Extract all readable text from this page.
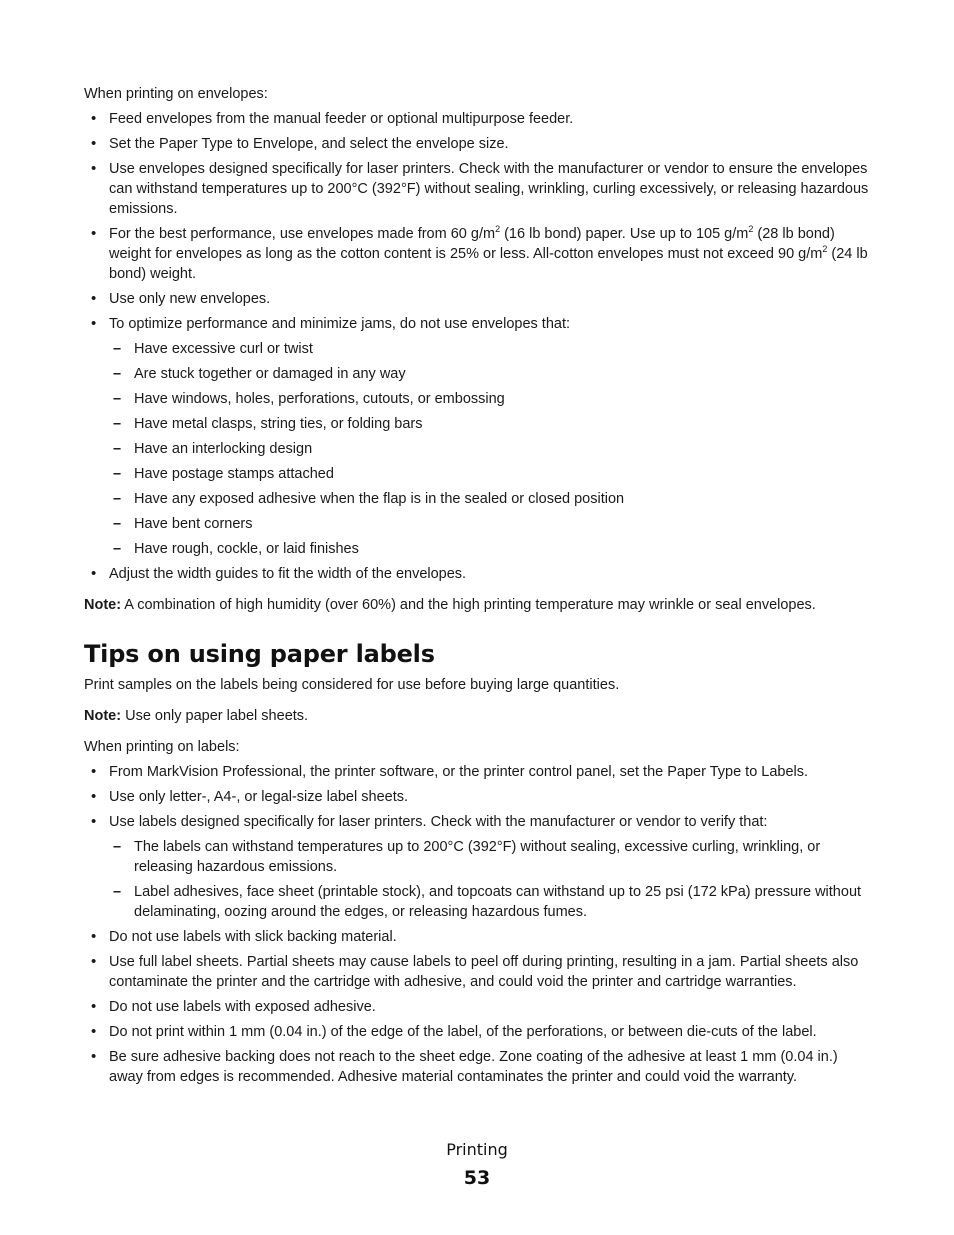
When printing on envelopes:

• Feed envelopes from the manual feeder or optional multipurpose feeder.
• Set the Paper Type to Envelope, and select the envelope size.
• Use envelopes designed specifically for laser printers. Check with the manufacturer or vendor to ensure the envelopes can withstand temperatures up to 200°C (392°F) without sealing, wrinkling, curling excessively, or releasing hazardous emissions.
• For the best performance, use envelopes made from 60 $g/m^2$ (16 lb bond) paper. Use up to 105 $g/m^2$ (28 lb bond) weight for envelopes as long as the cotton content is 25% or less. All-cotton envelopes must not exceed 90 $g/m^2$ (24 lb bond) weight.
• Use only new envelopes.
• To optimize performance and minimize jams, do not use envelopes that:
– Have excessive curl or twist
– Are stuck together or damaged in any way
– Have windows, holes, perforations, cutouts, or embossing
– Have metal clasps, string ties, or folding bars
– Have an interlocking design
– Have postage stamps attached
– Have any exposed adhesive when the flap is in the sealed or closed position
– Have bent corners
– Have rough, cockle, or laid finishes
• Adjust the width guides to fit the width of the envelopes.

Note: A combination of high humidity (over 60%) and the high printing temperature may wrinkle or seal envelopes.

Tips on using paper labels

Print samples on the labels being considered for use before buying large quantities.

Note: Use only paper label sheets.

When printing on labels:

• From MarkVision Professional, the printer software, or the printer control panel, set the Paper Type to Labels.
• Use only letter-, A4-, or legal-size label sheets.
• Use labels designed specifically for laser printers. Check with the manufacturer or vendor to verify that:
– The labels can withstand temperatures up to 200°C (392°F) without sealing, excessive curling, wrinkling, or releasing hazardous emissions.
– Label adhesives, face sheet (printable stock), and topcoats can withstand up to 25 psi (172 kPa) pressure without delaminating, oozing around the edges, or releasing hazardous fumes.
• Do not use labels with slick backing material.
• Use full label sheets. Partial sheets may cause labels to peel off during printing, resulting in a jam. Partial sheets also contaminate the printer and the cartridge with adhesive, and could void the printer and cartridge warranties.
• Do not use labels with exposed adhesive.
• Do not print within 1 mm (0.04 in.) of the edge of the label, of the perforations, or between die-cuts of the label.
• Be sure adhesive backing does not reach to the sheet edge. Zone coating of the adhesive at least 1 mm (0.04 in.) away from edges is recommended. Adhesive material contaminates the printer and could void the warranty.
Printing
53
